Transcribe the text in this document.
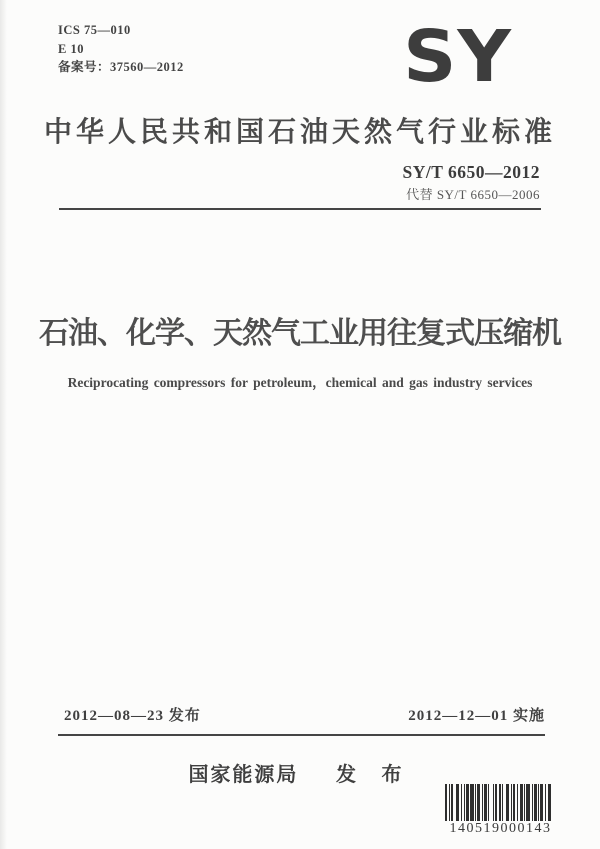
ICS 75—010
E 10
备案号：37560—2012	SY
中华人民共和国石油天然气行业标准
SY/T 6650—2012
代替 SY/T 6650—2006
石油、化学、天然气工业用往复式压缩机
Reciprocating compressors for petroleum，chemical and gas industry services
2012—08—23 发布	2012—12—01 实施
国家能源局 发 布
140519000143
